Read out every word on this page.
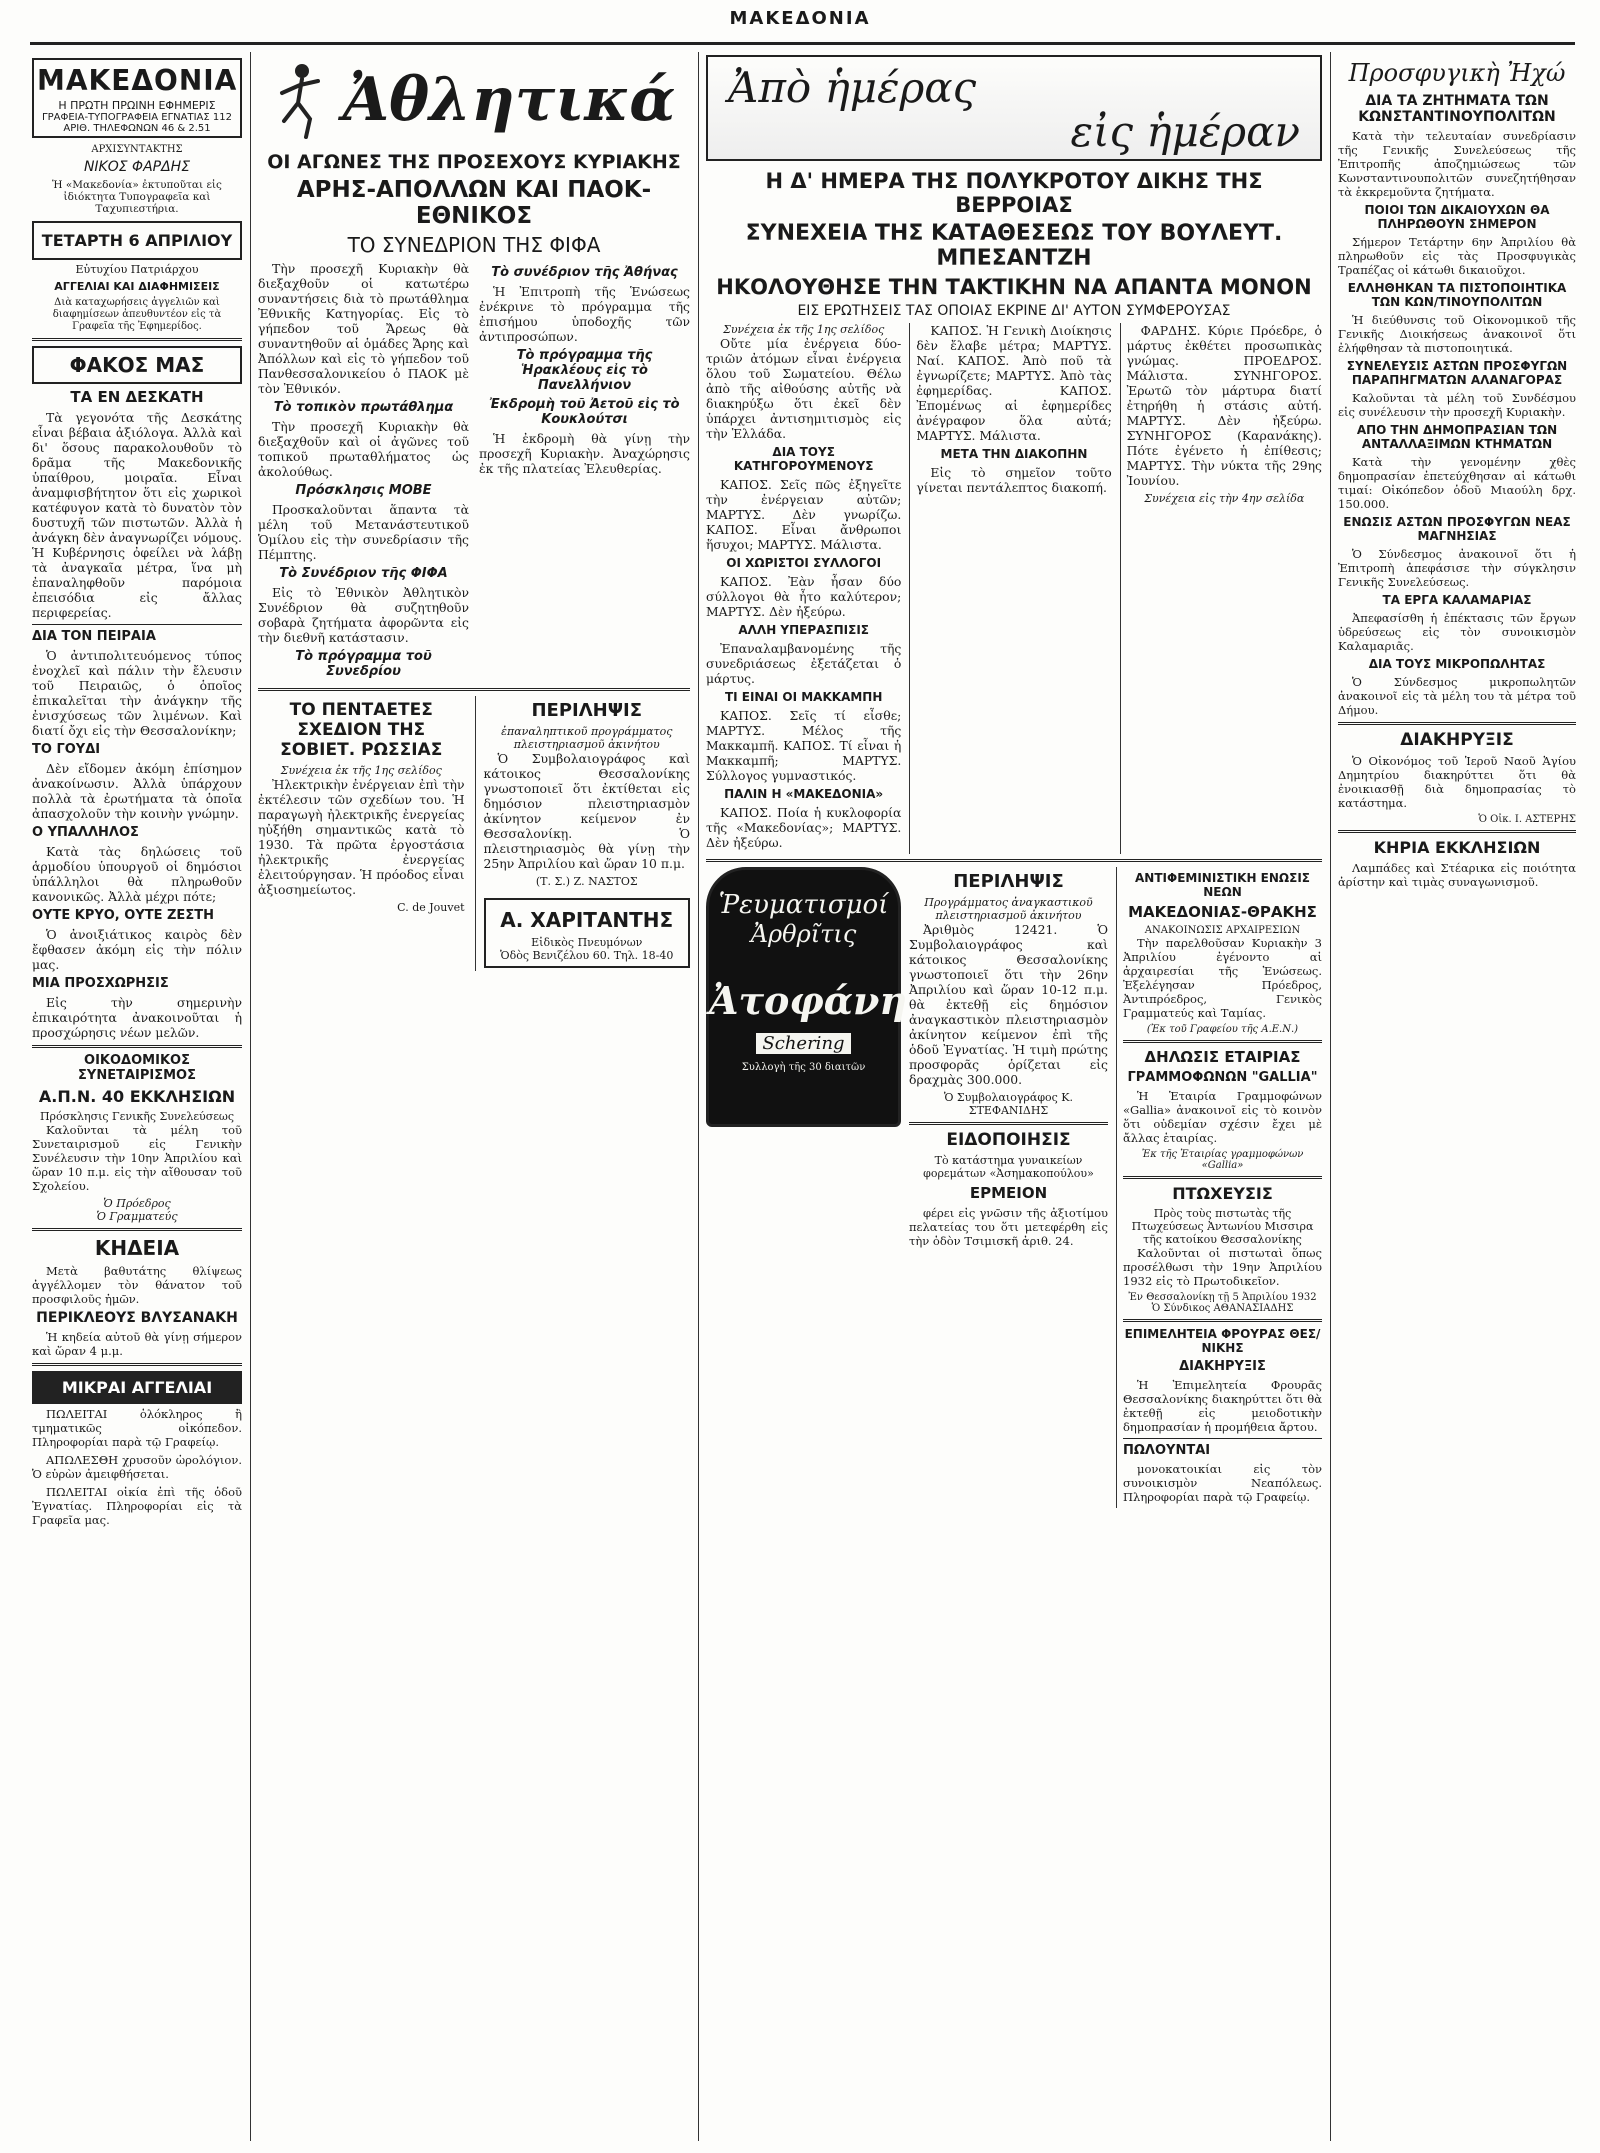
ΜΑΚΕΔΟΝΙΑ
ΜΑΚΕΔΟΝΙΑ
Η ΠΡΩΤΗ ΠΡΩΙΝΗ ΕΦΗΜΕΡΙΣ
ΓΡΑΦΕΙΑ-ΤΥΠΟΓΡΑΦΕΙΑ ΕΓΝΑΤΙΑΣ 112
ΑΡΙΘ. ΤΗΛΕΦΩΝΩΝ 46 & 2.51
ΑΡΧΙΣΥΝΤΑΚΤΗΣ
ΝΙΚΟΣ ΦΑΡΔΗΣ
Ἡ «Μακεδονία» ἐκτυποῦται εἰς ἰδιόκτητα Τυπογραφεῖα καὶ Ταχυπιεστήρια.
ΤΕΤΑΡΤΗ 6 ΑΠΡΙΛΙΟΥ
Εὐτυχίου Πατριάρχου
ΑΓΓΕΛΙΑΙ ΚΑΙ ΔΙΑΦΗΜΙΣΕΙΣ
Διὰ καταχωρήσεις ἀγγελιῶν καὶ διαφημίσεων ἀπευθυντέον εἰς τὰ Γραφεῖα τῆς Ἐφημερίδος.
ΦΑΚΟΣ ΜΑΣ
ΤΑ ΕΝ ΔΕΣΚΑΤΗ

Τὰ γεγονότα τῆς Δεσκάτης εἶναι βέβαια ἀξιόλογα. Ἀλλὰ καὶ δι' ὅσους παρακολουθοῦν τὸ δρᾶμα τῆς Μακεδονικῆς ὑπαίθρου, μοιραῖα. Εἶναι ἀναμφισβήτητον ὅτι εἰς χωρικοὶ κατέφυγον κατὰ τὸ δυνατὸν τὸν δυστυχῆ τῶν πιστωτῶν. Ἀλλὰ ἡ ἀνάγκη δὲν ἀναγνωρίζει νόμους. Ἡ Κυβέρνησις ὀφείλει νὰ λάβῃ τὰ ἀναγκαῖα μέτρα, ἵνα μὴ ἐπαναληφθοῦν παρόμοια ἐπεισόδια εἰς ἄλλας περιφερείας.

ΔΙΑ ΤΟΝ ΠΕΙΡΑΙΑ

Ὁ ἀντιπολιτευόμενος τύπος ἐνοχλεῖ καὶ πάλιν τὴν ἔλευσιν τοῦ Πειραιῶς, ὁ ὁποῖος ἐπικαλεῖται τὴν ἀνάγκην τῆς ἐνισχύσεως τῶν λιμένων. Καὶ διατί ὄχι εἰς τὴν Θεσσαλονίκην;

ΤΟ ΓΟΥΔΙ

Δὲν εἴδομεν ἀκόμη ἐπίσημον ἀνακοίνωσιν. Ἀλλὰ ὑπάρχουν πολλὰ τὰ ἐρωτήματα τὰ ὁποῖα ἀπασχολοῦν τὴν κοινὴν γνώμην.

Ο ΥΠΑΛΛΗΛΟΣ

Κατὰ τὰς δηλώσεις τοῦ ἁρμοδίου ὑπουργοῦ οἱ δημόσιοι ὑπάλληλοι θὰ πληρωθοῦν κανονικῶς. Ἀλλὰ μέχρι πότε;

ΟΥΤΕ ΚΡΥΟ, ΟΥΤΕ ΖΕΣΤΗ

Ὁ ἀνοιξιάτικος καιρὸς δὲν ἔφθασεν ἀκόμη εἰς τὴν πόλιν μας.

ΜΙΑ ΠΡΟΣΧΩΡΗΣΙΣ

Εἰς τὴν σημερινὴν ἐπικαιρότητα ἀνακοινοῦται ἡ προσχώρησις νέων μελῶν.

ΟΙΚΟΔΟΜΙΚΟΣ ΣΥΝΕΤΑΙΡΙΣΜΟΣ
Α.Π.Ν. 40 ΕΚΚΛΗΣΙΩΝ
Πρόσκλησις Γενικῆς Συνελεύσεως

Καλοῦνται τὰ μέλη τοῦ Συνεταιρισμοῦ εἰς Γενικὴν Συνέλευσιν τὴν 10ην Ἀπριλίου καὶ ὥραν 10 π.μ. εἰς τὴν αἴθουσαν τοῦ Σχολείου.

Ὁ Πρόεδρος
Ὁ Γραμματεύς
ΚΗΔΕΙΑ

Μετὰ βαθυτάτης θλίψεως ἀγγέλλομεν τὸν θάνατον τοῦ προσφιλοῦς ἡμῶν.

ΠΕΡΙΚΛΕΟΥΣ ΒΛΥΣΑΝΑΚΗ

Ἡ κηδεία αὐτοῦ θὰ γίνῃ σήμερον καὶ ὥραν 4 μ.μ.

ΜΙΚΡΑΙ ΑΓΓΕΛΙΑΙ

ΠΩΛΕΙΤΑΙ ὁλόκληρος ἢ τμηματικῶς οἰκόπεδον. Πληροφορίαι παρὰ τῷ Γραφείῳ.

ΑΠΩΛΕΣΘΗ χρυσοῦν ὡρολόγιον. Ὁ εὑρὼν ἀμειφθήσεται.

ΠΩΛΕΙΤΑΙ οἰκία ἐπὶ τῆς ὁδοῦ Ἐγνατίας. Πληροφορίαι εἰς τὰ Γραφεῖα μας.

Ἀθλητικά
ΟΙ ΑΓΩΝΕΣ ΤΗΣ ΠΡΟΣΕΧΟΥΣ ΚΥΡΙΑΚΗΣ
ΑΡΗΣ-ΑΠΟΛΛΩΝ ΚΑΙ ΠΑΟΚ-ΕΘΝΙΚΟΣ
ΤΟ ΣΥΝΕΔΡΙΟΝ ΤΗΣ ΦΙΦΑ

Τὴν προσεχῆ Κυριακὴν θὰ διεξαχθοῦν οἱ κατωτέρω συναντήσεις διὰ τὸ πρωτάθλημα Ἐθνικῆς Κατηγορίας. Εἰς τὸ γήπεδον τοῦ Ἄρεως θὰ συναντηθοῦν αἱ ὁμάδες Ἄρης καὶ Ἀπόλλων καὶ εἰς τὸ γήπεδον τοῦ Πανθεσσαλονικείου ὁ ΠΑΟΚ μὲ τὸν Ἐθνικόν.

Τὸ τοπικὸν πρωτάθλημα

Τὴν προσεχῆ Κυριακὴν θὰ διεξαχθοῦν καὶ οἱ ἀγῶνες τοῦ τοπικοῦ πρωταθλήματος ὡς ἀκολούθως.

Πρόσκλησις ΜΟΒΕ

Προσκαλοῦνται ἅπαντα τὰ μέλη τοῦ Μετανάστευτικοῦ Ὁμίλου εἰς τὴν συνεδρίασιν τῆς Πέμπτης.

Τὸ Συνέδριον τῆς ΦΙΦΑ

Εἰς τὸ Ἐθνικὸν Ἀθλητικὸν Συνέδριον θὰ συζητηθοῦν σοβαρὰ ζητήματα ἀφορῶντα εἰς τὴν διεθνῆ κατάστασιν.

Τὸ πρόγραμμα τοῦ Συνεδρίου
Τὸ συνέδριον τῆς Ἀθήνας

Ἡ Ἐπιτροπὴ τῆς Ἑνώσεως ἐνέκρινε τὸ πρόγραμμα τῆς ἐπισήμου ὑποδοχῆς τῶν ἀντιπροσώπων.

Τὸ πρόγραμμα τῆς Ἡρακλέους εἰς τὸ Πανελλήνιον
Ἐκδρομὴ τοῦ Ἀετοῦ εἰς τὸ Κουκλούτσι

Ἡ ἐκδρομὴ θὰ γίνῃ τὴν προσεχῆ Κυριακὴν. Ἀναχώρησις ἐκ τῆς πλατείας Ἐλευθερίας.

ΤΟ ΠΕΝΤΑΕΤΕΣ ΣΧΕΔΙΟΝ ΤΗΣ ΣΟΒΙΕΤ. ΡΩΣΣΙΑΣ
Συνέχεια ἐκ τῆς 1ης σελίδος

Ἠλεκτρικὴν ἐνέργειαν ἐπὶ τὴν ἐκτέλεσιν τῶν σχεδίων του. Ἡ παραγωγὴ ἠλεκτρικῆς ἐνεργείας ηὐξήθη σημαντικῶς κατὰ τὸ 1930. Τὰ πρῶτα ἐργοστάσια ἠλεκτρικῆς ἐνεργείας ἐλειτούργησαν. Ἡ πρόοδος εἶναι ἀξιοσημείωτος.

C. de Jouvet
ΠΕΡΙΛΗΨΙΣ
ἐπαναληπτικοῦ προγράμματος πλειστηριασμοῦ ἀκινήτου

Ὁ Συμβολαιογράφος καὶ κάτοικος Θεσσαλονίκης γνωστοποιεῖ ὅτι ἐκτίθεται εἰς δημόσιον πλειστηριασμὸν ἀκίνητον κείμενον ἐν Θεσσαλονίκῃ. Ὁ πλειστηριασμὸς θὰ γίνῃ τὴν 25ην Ἀπριλίου καὶ ὥραν 10 π.μ.

(Τ. Σ.) Ζ. ΝΑΣΤΟΣ
Α. ΧΑΡΙΤΑΝΤΗΣ
Εἰδικὸς Πνευμόνων
Ὁδὸς Βενιζέλου 60. Τηλ. 18-40
Ἀπὸ ἡμέρας
εἰς ἡμέραν
Η Δ' ΗΜΕΡΑ ΤΗΣ ΠΟΛΥΚΡΟΤΟΥ ΔΙΚΗΣ ΤΗΣ ΒΕΡΡΟΙΑΣ
ΣΥΝΕΧΕΙΑ ΤΗΣ ΚΑΤΑΘΕΣΕΩΣ ΤΟΥ ΒΟΥΛΕΥΤ. ΜΠΕΣΑΝΤΖΗ
ΗΚΟΛΟΥΘΗΣΕ ΤΗΝ ΤΑΚΤΙΚΗΝ ΝΑ ΑΠΑΝΤΑ ΜΟΝΟΝ
ΕΙΣ ΕΡΩΤΗΣΕΙΣ ΤΑΣ ΟΠΟΙΑΣ ΕΚΡΙΝΕ ΔΙ' ΑΥΤΟΝ ΣΥΜΦΕΡΟΥΣΑΣ
Συνέχεια ἐκ τῆς 1ης σελίδος

Οὔτε μία ἐνέργεια δύο-τριῶν ἀτόμων εἶναι ἐνέργεια ὅλου τοῦ Σωματείου. Θέλω ἀπὸ τῆς αἰθούσης αὐτῆς νὰ διακηρύξω ὅτι ἐκεῖ δὲν ὑπάρχει ἀντισημιτισμὸς εἰς τὴν Ἑλλάδα.

ΔΙΑ ΤΟΥΣ ΚΑΤΗΓΟΡΟΥΜΕΝΟΥΣ

ΚΑΠΟΣ. Σεῖς πῶς ἐξηγεῖτε τὴν ἐνέργειαν αὐτῶν; ΜΑΡΤΥΣ. Δὲν γνωρίζω. ΚΑΠΟΣ. Εἶναι ἄνθρωποι ἥσυχοι; ΜΑΡΤΥΣ. Μάλιστα.

ΟΙ ΧΩΡΙΣΤΟΙ ΣΥΛΛΟΓΟΙ

ΚΑΠΟΣ. Ἐὰν ἦσαν δύο σύλλογοι θὰ ἦτο καλύτερον; ΜΑΡΤΥΣ. Δὲν ἠξεύρω.

ΑΛΛΗ ΥΠΕΡΑΣΠΙΣΙΣ

Ἐπαναλαμβανομένης τῆς συνεδριάσεως ἐξετάζεται ὁ μάρτυς.

ΤΙ ΕΙΝΑΙ ΟΙ ΜΑΚΚΑΜΠΗ

ΚΑΠΟΣ. Σεῖς τί εἶσθε; ΜΑΡΤΥΣ. Μέλος τῆς Μακκαμπῆ. ΚΑΠΟΣ. Τί εἶναι ἡ Μακκαμπῆ; ΜΑΡΤΥΣ. Σύλλογος γυμναστικός.

ΠΑΛΙΝ Η «ΜΑΚΕΔΟΝΙΑ»

ΚΑΠΟΣ. Ποία ἡ κυκλοφορία τῆς «Μακεδονίας»; ΜΑΡΤΥΣ. Δὲν ἠξεύρω.

ΚΑΠΟΣ. Ἡ Γενικὴ Διοίκησις δὲν ἔλαβε μέτρα; ΜΑΡΤΥΣ. Ναί. ΚΑΠΟΣ. Ἀπὸ ποῦ τὰ ἐγνωρίζετε; ΜΑΡΤΥΣ. Ἀπὸ τὰς ἐφημερίδας. ΚΑΠΟΣ. Ἐπομένως αἱ ἐφημερίδες ἀνέγραφον ὅλα αὐτά; ΜΑΡΤΥΣ. Μάλιστα.

ΜΕΤΑ ΤΗΝ ΔΙΑΚΟΠΗΝ

Εἰς τὸ σημεῖον τοῦτο γίνεται πεντάλεπτος διακοπή.

ΦΑΡΔΗΣ. Κύριε Πρόεδρε, ὁ μάρτυς ἐκθέτει προσωπικὰς γνώμας. ΠΡΟΕΔΡΟΣ. Μάλιστα. ΣΥΝΗΓΟΡΟΣ. Ἐρωτῶ τὸν μάρτυρα διατί ἐτηρήθη ἡ στάσις αὐτή. ΜΑΡΤΥΣ. Δὲν ἠξεύρω. ΣΥΝΗΓΟΡΟΣ (Καρανάκης). Πότε ἐγένετο ἡ ἐπίθεσις; ΜΑΡΤΥΣ. Τὴν νύκτα τῆς 29ης Ἰουνίου.

Συνέχεια εἰς τὴν 4ην σελίδα
Ῥευματισμοί
Ἀρθρῖτις
Ἀτοφάνη
Schering
Συλλογὴ τῆς 30 διαιτῶν
ΠΕΡΙΛΗΨΙΣ
Προγράμματος ἀναγκαστικοῦ πλειστηριασμοῦ ἀκινήτου

Ἀριθμὸς 12421. Ὁ Συμβολαιογράφος καὶ κάτοικος Θεσσαλονίκης γνωστοποιεῖ ὅτι τὴν 26ην Ἀπριλίου καὶ ὥραν 10-12 π.μ. θὰ ἐκτεθῇ εἰς δημόσιον ἀναγκαστικὸν πλειστηριασμὸν ἀκίνητον κείμενον ἐπὶ τῆς ὁδοῦ Ἐγνατίας. Ἡ τιμὴ πρώτης προσφορᾶς ὁρίζεται εἰς δραχμὰς 300.000.

Ὁ Συμβολαιογράφος Κ. ΣΤΕΦΑΝΙΔΗΣ
ΕΙΔΟΠΟΙΗΣΙΣ
Τὸ κατάστημα γυναικείων φορεμάτων «Ἀσημακοπούλου»
ΕΡΜΕΙΟΝ

φέρει εἰς γνῶσιν τῆς ἀξιοτίμου πελατείας του ὅτι μετεφέρθη εἰς τὴν ὁδὸν Τσιμισκῆ ἀριθ. 24.

ΑΝΤΙΦΕΜΙΝΙΣΤΙΚΗ ΕΝΩΣΙΣ ΝΕΩΝ
ΜΑΚΕΔΟΝΙΑΣ-ΘΡΑΚΗΣ
ΑΝΑΚΟΙΝΩΣΙΣ ΑΡΧΑΙΡΕΣΙΩΝ

Τὴν παρελθοῦσαν Κυριακὴν 3 Ἀπριλίου ἐγένοντο αἱ ἀρχαιρεσίαι τῆς Ἑνώσεως. Ἐξελέγησαν Πρόεδρος, Ἀντιπρόεδρος, Γενικὸς Γραμματεύς καὶ Ταμίας.

(Ἐκ τοῦ Γραφείου τῆς Α.Ε.Ν.)
ΔΗΛΩΣΙΣ ΕΤΑΙΡΙΑΣ
ΓΡΑΜΜΟΦΩΝΩΝ "GALLIA"

Ἡ Ἑταιρία Γραμμοφώνων «Gallia» ἀνακοινοῖ εἰς τὸ κοινὸν ὅτι οὐδεμίαν σχέσιν ἔχει μὲ ἄλλας ἑταιρίας.

Ἐκ τῆς Ἑταιρίας γραμμοφώνων «Gallia»
ΠΤΩΧΕΥΣΙΣ
Πρὸς τοὺς πιστωτὰς τῆς Πτωχεύσεως Ἀντωνίου Μισσιρα τῆς κατοίκου Θεσσαλονίκης

Καλοῦνται οἱ πιστωταὶ ὅπως προσέλθωσι τὴν 19ην Ἀπριλίου 1932 εἰς τὸ Πρωτοδικεῖον.

Ἐν Θεσσαλονίκῃ τῇ 5 Ἀπριλίου 1932
Ὁ Σύνδικος ΑΘΑΝΑΣΙΑΔΗΣ
ΕΠΙΜΕΛΗΤΕΙΑ ΦΡΟΥΡΑΣ ΘΕΣ/ΝΙΚΗΣ
ΔΙΑΚΗΡΥΞΙΣ

Ἡ Ἐπιμελητεία Φρουρᾶς Θεσσαλονίκης διακηρύττει ὅτι θὰ ἐκτεθῇ εἰς μειοδοτικὴν δημοπρασίαν ἡ προμήθεια ἄρτου.

ΠΩΛΟΥΝΤΑΙ

μονοκατοικίαι εἰς τὸν συνοικισμὸν Νεαπόλεως. Πληροφορίαι παρὰ τῷ Γραφείῳ.

Προσφυγικὴ Ἠχώ
ΔΙΑ ΤΑ ΖΗΤΗΜΑΤΑ ΤΩΝ ΚΩΝΣΤΑΝΤΙΝΟΥΠΟΛΙΤΩΝ

Κατὰ τὴν τελευταίαν συνεδρίασιν τῆς Γενικῆς Συνελεύσεως τῆς Ἐπιτροπῆς ἀποζημιώσεως τῶν Κωνσταντινουπολιτῶν συνεζητήθησαν τὰ ἐκκρεμοῦντα ζητήματα.

ΠΟΙΟΙ ΤΩΝ ΔΙΚΑΙΟΥΧΩΝ ΘΑ ΠΛΗΡΩΘΟΥΝ ΣΗΜΕΡΟΝ

Σήμερον Τετάρτην 6ην Ἀπριλίου θὰ πληρωθοῦν εἰς τὰς Προσφυγικὰς Τραπέζας οἱ κάτωθι δικαιοῦχοι.

ΕΛΛΗΘΗΚΑΝ ΤΑ ΠΙΣΤΟΠΟΙΗΤΙΚΑ ΤΩΝ ΚΩΝ/ΤΙΝΟΥΠΟΛΙΤΩΝ

Ἡ διεύθυνσις τοῦ Οἰκονομικοῦ τῆς Γενικῆς Διοικήσεως ἀνακοινοῖ ὅτι ἐλήφθησαν τὰ πιστοποιητικά.

ΣΥΝΕΛΕΥΣΙΣ ΑΣΤΩΝ ΠΡΟΣΦΥΓΩΝ ΠΑΡΑΠΗΓΜΑΤΩΝ ΑΛΑΝΑΓΟΡΑΣ

Καλοῦνται τὰ μέλη τοῦ Συνδέσμου εἰς συνέλευσιν τὴν προσεχῆ Κυριακὴν.

ΑΠΟ ΤΗΝ ΔΗΜΟΠΡΑΣΙΑΝ ΤΩΝ ΑΝΤΑΛΛΑΞΙΜΩΝ ΚΤΗΜΑΤΩΝ

Κατὰ τὴν γενομένην χθὲς δημοπρασίαν ἐπετεύχθησαν αἱ κάτωθι τιμαί: Οἰκόπεδον ὁδοῦ Μιαούλη δρχ. 150.000.

ΕΝΩΣΙΣ ΑΣΤΩΝ ΠΡΟΣΦΥΓΩΝ ΝΕΑΣ ΜΑΓΝΗΣΙΑΣ

Ὁ Σύνδεσμος ἀνακοινοῖ ὅτι ἡ Ἐπιτροπὴ ἀπεφάσισε τὴν σύγκλησιν Γενικῆς Συνελεύσεως.

ΤΑ ΕΡΓΑ ΚΑΛΑΜΑΡΙΑΣ

Ἀπεφασίσθη ἡ ἐπέκτασις τῶν ἔργων ὑδρεύσεως εἰς τὸν συνοικισμὸν Καλαμαριᾶς.

ΔΙΑ ΤΟΥΣ ΜΙΚΡΟΠΩΛΗΤΑΣ

Ὁ Σύνδεσμος μικροπωλητῶν ἀνακοινοῖ εἰς τὰ μέλη του τὰ μέτρα τοῦ Δήμου.

ΔΙΑΚΗΡΥΞΙΣ

Ὁ Οἰκονόμος τοῦ Ἱεροῦ Ναοῦ Ἁγίου Δημητρίου διακηρύττει ὅτι θὰ ἐνοικιασθῇ διὰ δημοπρασίας τὸ κατάστημα.

Ὁ Οἰκ. Ι. ΑΣΤΕΡΗΣ
ΚΗΡΙΑ ΕΚΚΛΗΣΙΩΝ

Λαμπάδες καὶ Στέαρικα εἰς ποιότητα ἀρίστην καὶ τιμὰς συναγωνισμοῦ.
